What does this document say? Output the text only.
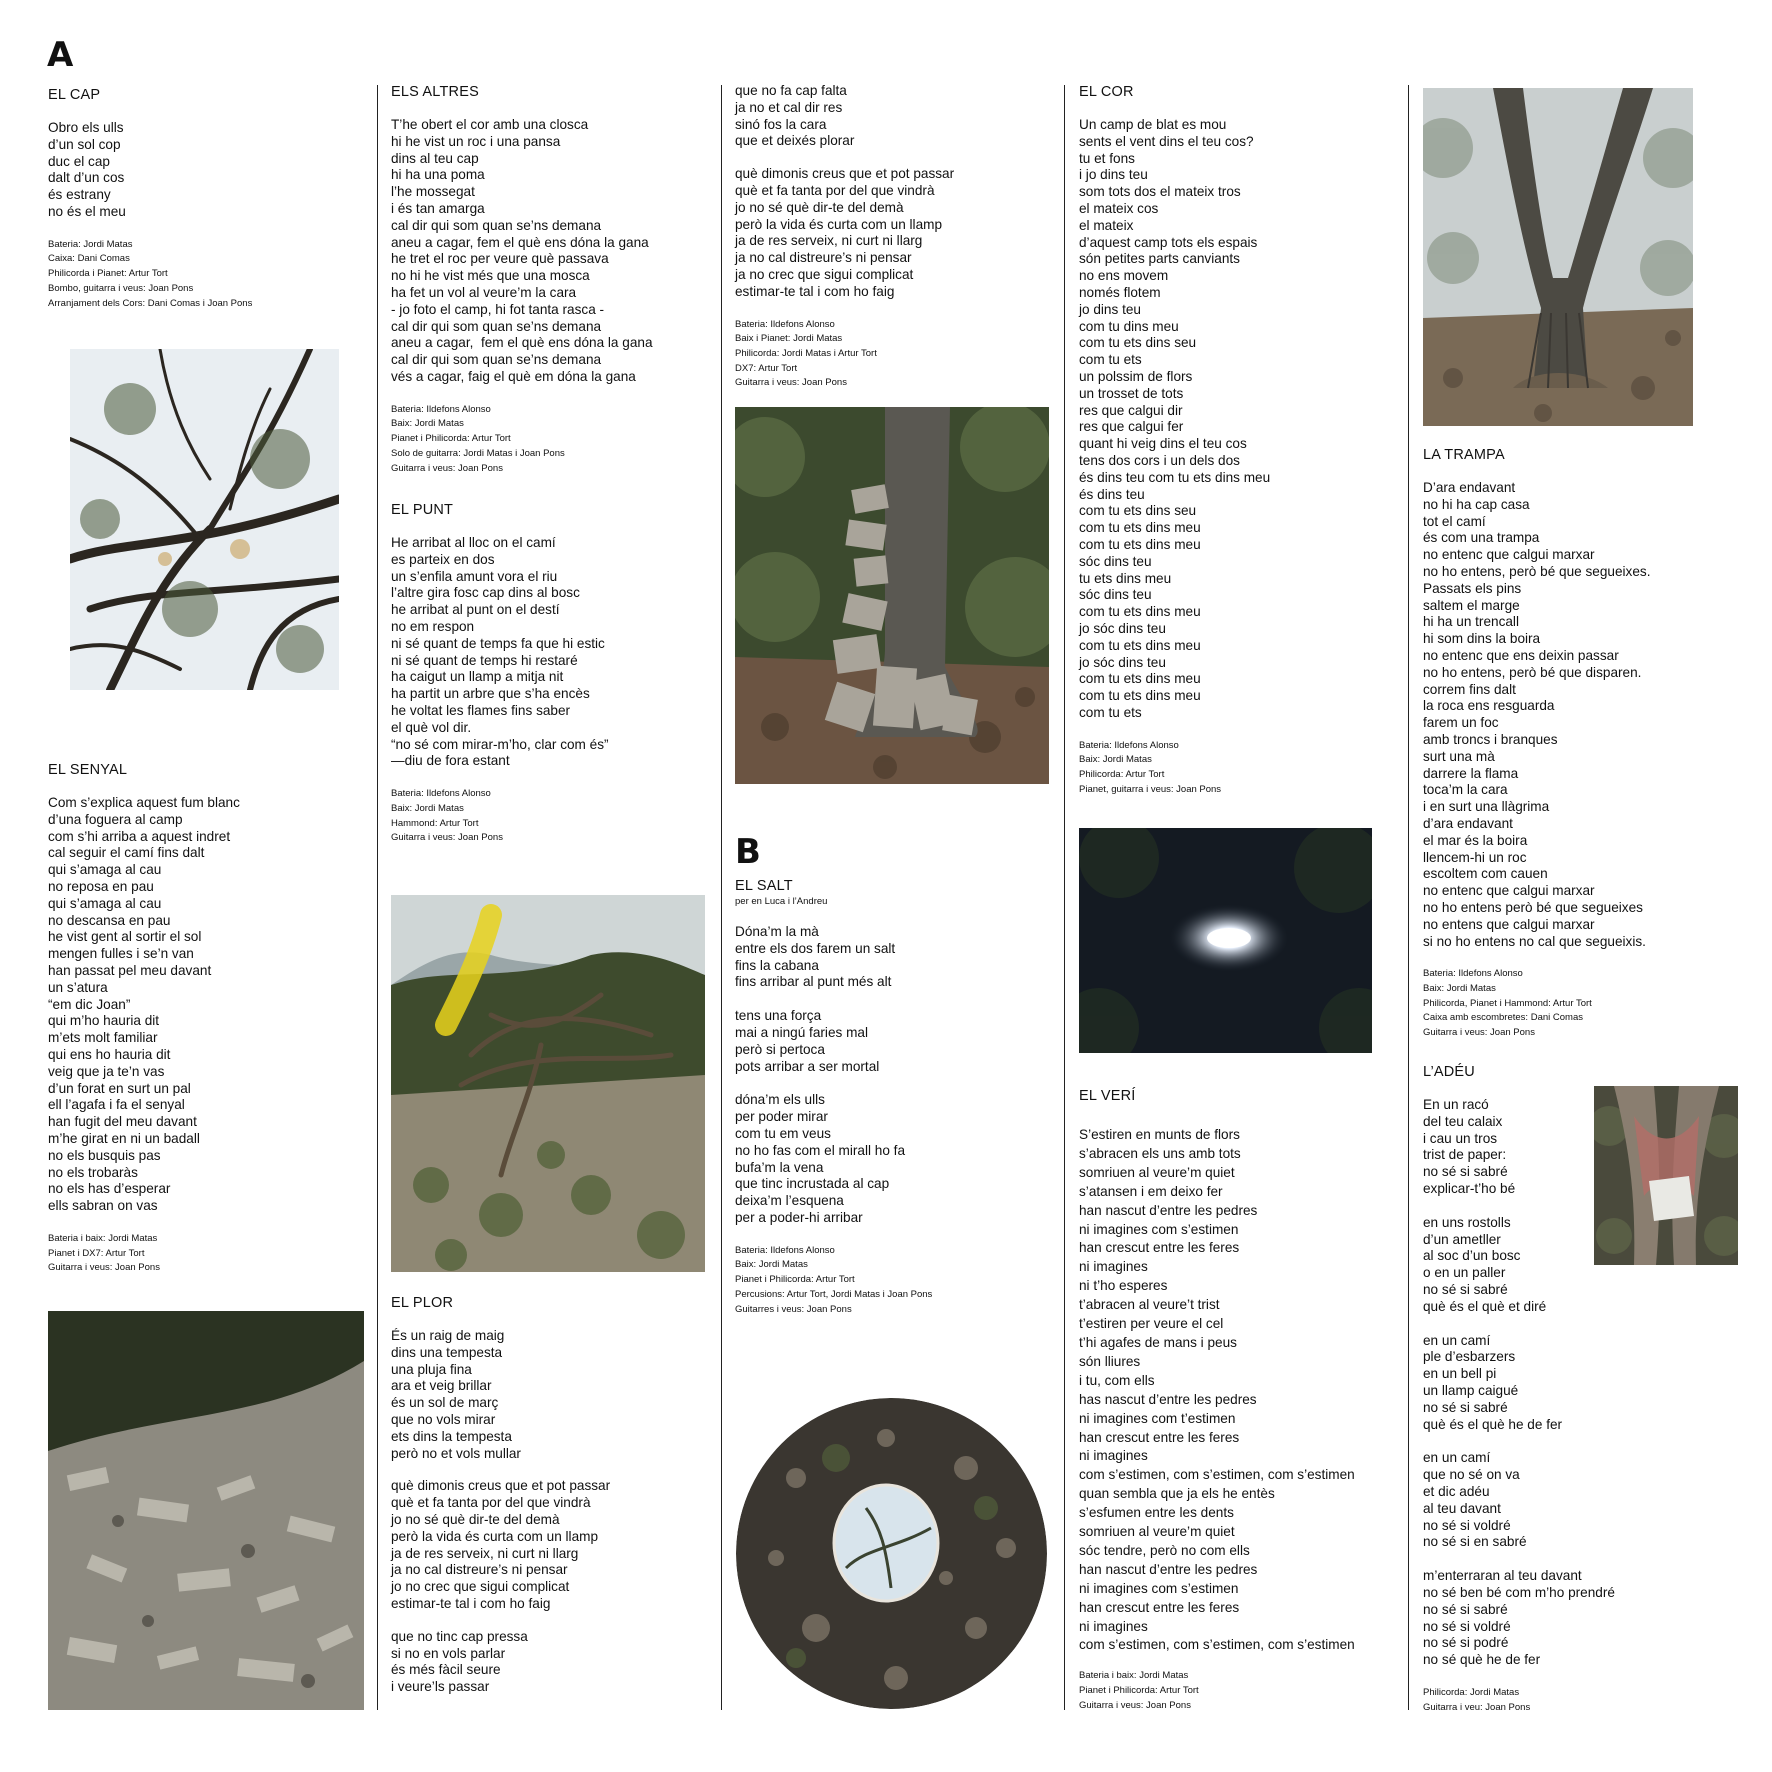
A
EL CAP
Obro els ulls
d’un sol cop
duc el cap
dalt d’un cos
és estrany
no és el meu
Bateria: Jordi Matas
Caixa: Dani Comas
Philicorda i Pianet: Artur Tort
Bombo, guitarra i veus: Joan Pons
Arranjament dels Cors: Dani Comas i Joan Pons
EL SENYAL
Com s’explica aquest fum blanc
d’una foguera al camp
com s’hi arriba a aquest indret
cal seguir el camí fins dalt
qui s’amaga al cau
no reposa en pau
qui s’amaga al cau
no descansa en pau
he vist gent al sortir el sol
mengen fulles i se’n van
han passat pel meu davant
un s’atura
“em dic Joan”
qui m’ho hauria dit
m’ets molt familiar
qui ens ho hauria dit
veig que ja te’n vas
d’un forat en surt un pal
ell l’agafa i fa el senyal
han fugit del meu davant
m’he girat en ni un badall
no els busquis pas
no els trobaràs
no els has d’esperar
ells sabran on vas
Bateria i baix: Jordi Matas
Pianet i DX7: Artur Tort
Guitarra i veus: Joan Pons
ELS ALTRES
T’he obert el cor amb una closca
hi he vist un roc i una pansa
dins al teu cap
hi ha una poma
l’he mossegat
i és tan amarga
cal dir qui som quan se’ns demana
aneu a cagar, fem el què ens dóna la gana
he tret el roc per veure què passava
no hi he vist més que una mosca
ha fet un vol al veure’m la cara
- jo foto el camp, hi fot tanta rasca -
cal dir qui som quan se’ns demana
aneu a cagar,  fem el què ens dóna la gana
cal dir qui som quan se’ns demana
vés a cagar, faig el què em dóna la gana
Bateria: Ildefons Alonso
Baix: Jordi Matas
Pianet i Philicorda: Artur Tort
Solo de guitarra: Jordi Matas i Joan Pons
Guitarra i veus: Joan Pons
EL PUNT
He arribat al lloc on el camí
es parteix en dos
un s’enfila amunt vora el riu
l’altre gira fosc cap dins al bosc
he arribat al punt on el destí
no em respon
ni sé quant de temps fa que hi estic
ni sé quant de temps hi restaré
ha caigut un llamp a mitja nit
ha partit un arbre que s’ha encès
he voltat les flames fins saber
el què vol dir.
“no sé com mirar-m’ho, clar com és”
—diu de fora estant
Bateria: Ildefons Alonso
Baix: Jordi Matas
Hammond: Artur Tort
Guitarra i veus: Joan Pons
EL PLOR
És un raig de maig
dins una tempesta
una pluja fina
ara et veig brillar
és un sol de març
que no vols mirar
ets dins la tempesta
però no et vols mullar
què dimonis creus que et pot passar
què et fa tanta por del que vindrà
jo no sé què dir-te del demà
però la vida és curta com un llamp
ja de res serveix, ni curt ni llarg
ja no cal distreure’s ni pensar
jo no crec que sigui complicat
estimar-te tal i com ho faig
que no tinc cap pressa
si no en vols parlar
és més fàcil seure
i veure’ls passar
que no fa cap falta
ja no et cal dir res
sinó fos la cara
que et deixés plorar
què dimonis creus que et pot passar
què et fa tanta por del que vindrà
jo no sé què dir-te del demà
però la vida és curta com un llamp
ja de res serveix, ni curt ni llarg
ja no cal distreure’s ni pensar
ja no crec que sigui complicat
estimar-te tal i com ho faig
Bateria: Ildefons Alonso
Baix i Pianet: Jordi Matas
Philicorda: Jordi Matas i Artur Tort
DX7: Artur Tort
Guitarra i veus: Joan Pons
B
EL SALT
per en Luca i l’Andreu
Dóna’m la mà
entre els dos farem un salt
fins la cabana
fins arribar al punt més alt
tens una força
mai a ningú faries mal
però si pertoca
pots arribar a ser mortal
dóna’m els ulls
per poder mirar
com tu em veus
no ho fas com el mirall ho fa
bufa’m la vena
que tinc incrustada al cap
deixa’m l’esquena
per a poder-hi arribar
Bateria: Ildefons Alonso
Baix: Jordi Matas
Pianet i Philicorda: Artur Tort
Percusions: Artur Tort, Jordi Matas i Joan Pons
Guitarres i veus: Joan Pons
EL COR
Un camp de blat es mou
sents el vent dins el teu cos?
tu et fons
i jo dins teu
som tots dos el mateix tros
el mateix cos
el mateix
d’aquest camp tots els espais
són petites parts canviants
no ens movem
només flotem
jo dins teu
com tu dins meu
com tu ets dins seu
com tu ets
un polssim de flors
un trosset de tots
res que calgui dir
res que calgui fer
quant hi veig dins el teu cos
tens dos cors i un dels dos
és dins teu com tu ets dins meu
és dins teu
com tu ets dins seu
com tu ets dins meu
com tu ets dins meu
sóc dins teu
tu ets dins meu
sóc dins teu
com tu ets dins meu
jo sóc dins teu
com tu ets dins meu
jo sóc dins teu
com tu ets dins meu
com tu ets dins meu
com tu ets
Bateria: Ildefons Alonso
Baix: Jordi Matas
Philicorda: Artur Tort
Pianet, guitarra i veus: Joan Pons
EL VERÍ
S’estiren en munts de flors
s’abracen els uns amb tots
somriuen al veure’m quiet
s’atansen i em deixo fer
han nascut d’entre les pedres
ni imagines com s’estimen
han crescut entre les feres
ni imagines
ni t’ho esperes
t’abracen al veure’t trist
t’estiren per veure el cel
t’hi agafes de mans i peus
són lliures
i tu, com ells
has nascut d’entre les pedres
ni imagines com t’estimen
han crescut entre les feres
ni imagines
com s’estimen, com s’estimen, com s’estimen
quan sembla que ja els he entès
s’esfumen entre les dents
somriuen al veure’m quiet
sóc tendre, però no com ells
han nascut d’entre les pedres
ni imagines com s’estimen
han crescut entre les feres
ni imagines
com s’estimen, com s’estimen, com s’estimen
Bateria i baix: Jordi Matas
Pianet i Philicorda: Artur Tort
Guitarra i veus: Joan Pons
LA TRAMPA
D’ara endavant
no hi ha cap casa
tot el camí
és com una trampa
no entenc que calgui marxar
no ho entens, però bé que segueixes.
Passats els pins
saltem el marge
hi ha un trencall
hi som dins la boira
no entenc que ens deixin passar
no ho entens, però bé que disparen.
correm fins dalt
la roca ens resguarda
farem un foc
amb troncs i branques
surt una mà
darrere la flama
toca’m la cara
i en surt una llàgrima
d’ara endavant
el mar és la boira
llencem-hi un roc
escoltem com cauen
no entenc que calgui marxar
no ho entens però bé que segueixes
no entens que calgui marxar
si no ho entens no cal que segueixis.
Bateria: Ildefons Alonso
Baix: Jordi Matas
Philicorda, Pianet i Hammond: Artur Tort
Caixa amb escombretes: Dani Comas
Guitarra i veus: Joan Pons
L’ADÉU
En un racó
del teu calaix
i cau un tros
trist de paper:
no sé si sabré
explicar-t’ho bé
en uns rostolls
d’un ametller
al soc d’un bosc
o en un paller
no sé si sabré
què és el què et diré
en un camí
ple d’esbarzers
en un bell pi
un llamp caigué
no sé si sabré
què és el què he de fer
en un camí
que no sé on va
et dic adéu
al teu davant
no sé si voldré
no sé si en sabré
m’enterraran al teu davant
no sé ben bé com m’ho prendré
no sé si sabré
no sé si voldré
no sé si podré
no sé què he de fer
Philicorda: Jordi Matas
Guitarra i veu: Joan Pons
